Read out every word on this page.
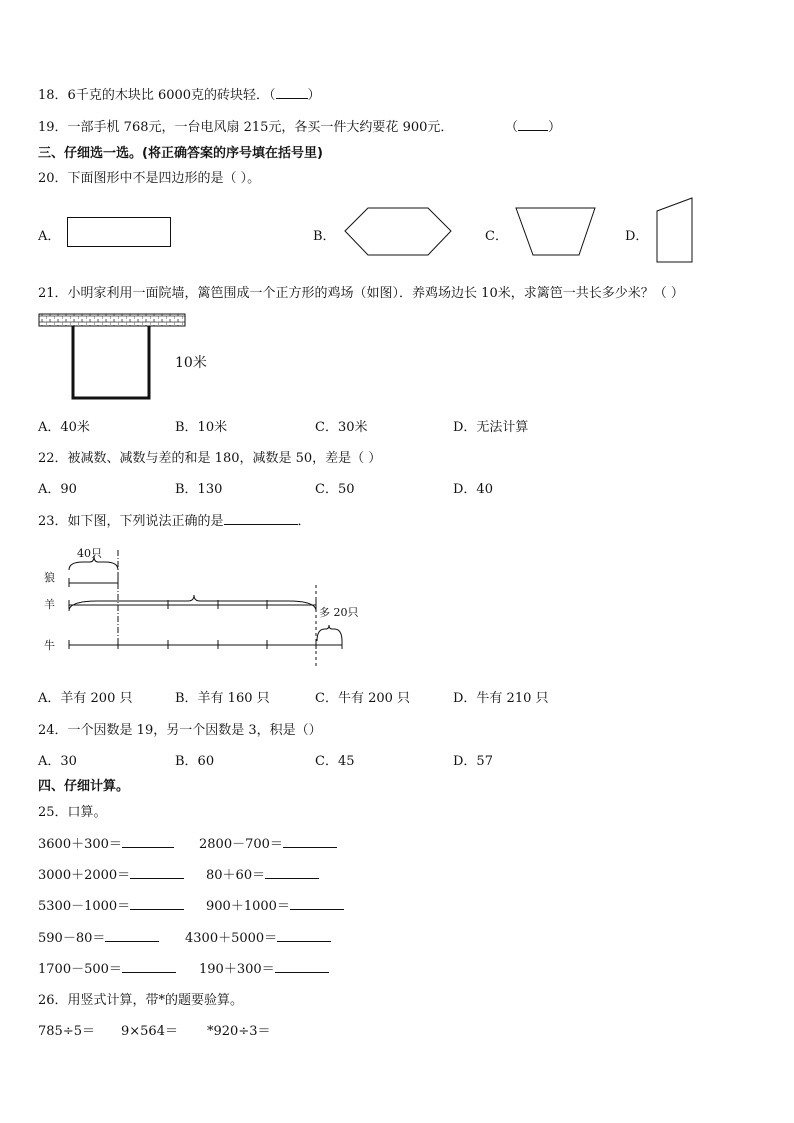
18．6千克的木块比 6000克的砖块轻．（ ）
19．一部手机 768元，一台电风扇 215元，各买一件大约要花 900元．	（ ）
三、仔细选一选。(将正确答案的序号填在括号里)
20．下面图形中不是四边形的是（ ）。
A．	B．	C．	D．
21．小明家利用一面院墙，篱笆围成一个正方形的鸡场（如图）．养鸡场边长 10米，求篱笆一共长多少米？（ ）
10米
A．40米	B．10米	C．30米	D．无法计算
22．被减数、减数与差的和是 180，减数是 50，差是（ ）
A．90	B．130	C．50	D．40
23．如下图，下列说法正确的是	．
狼
羊
牛
40只
多 20只
A．羊有 200 只	B．羊有 160 只	C．牛有 200 只	D．牛有 210 只
24．一个因数是 19，另一个因数是 3，积是（）
A．30	B．60	C．45	D．57
四、仔细计算。
25．口算。
3600＋300＝	2800－700＝
3000＋2000＝	80＋60＝
5300－1000＝	900＋1000＝
590－80＝	4300＋5000＝
1700－500＝	190＋300＝
26．用竖式计算，带*的题要验算。
785÷5＝ 9×564＝ *920÷3＝
